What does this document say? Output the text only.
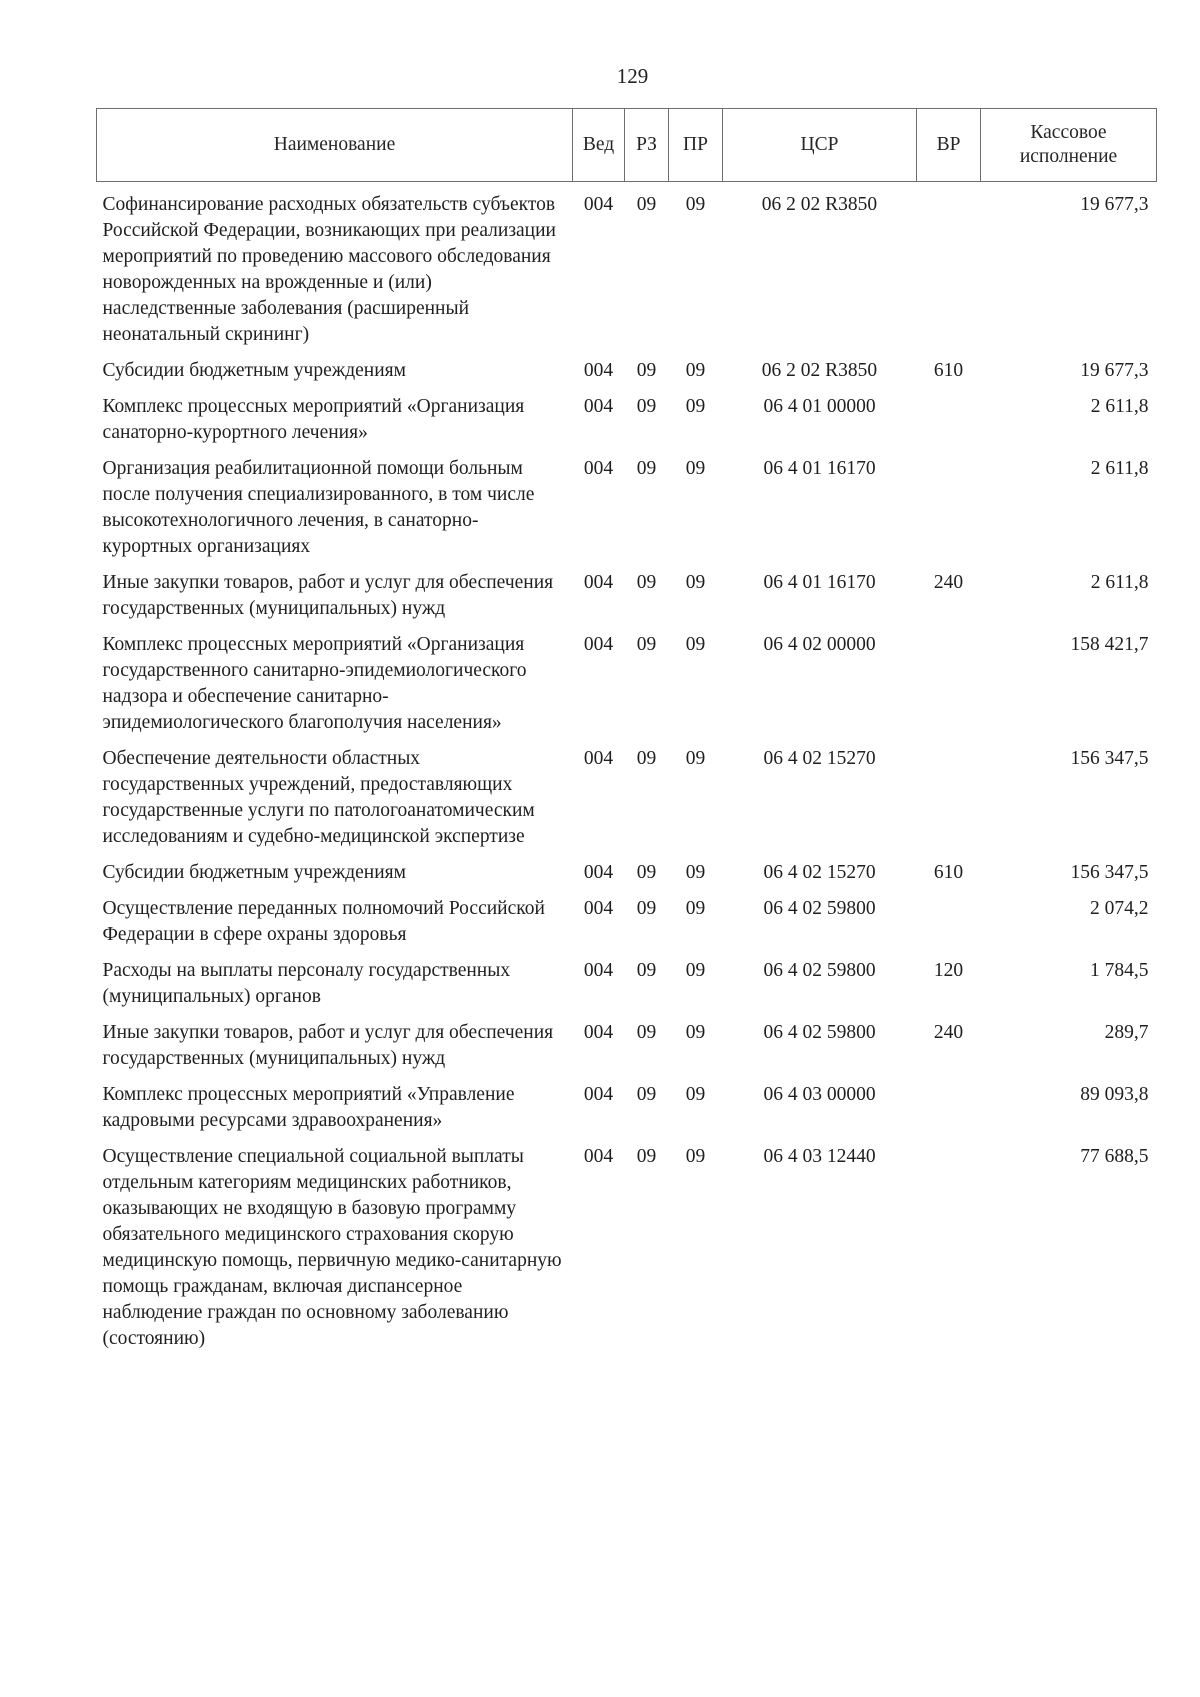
129
Наименование	Вед	РЗ	ПР	ЦСР	ВР	Кассовое исполнение
Софинансирование расходных обязательств субъектов Российской Федерации, возникающих при реализации мероприятий по проведению массового обследования новорожденных на врожденные и (или) наследственные заболевания (расширенный неонатальный скрининг)	004	09	09	06 2 02 R3850		19 677,3
Субсидии бюджетным учреждениям	004	09	09	06 2 02 R3850	610	19 677,3
Комплекс процессных мероприятий «Организация санаторно-курортного лечения»	004	09	09	06 4 01 00000		2 611,8
Организация реабилитационной помощи больным после получения специализированного, в том числе высокотехнологичного лечения, в санаторно-курортных организациях	004	09	09	06 4 01 16170		2 611,8
Иные закупки товаров, работ и услуг для обеспечения государственных (муниципальных) нужд	004	09	09	06 4 01 16170	240	2 611,8
Комплекс процессных мероприятий «Организация государственного санитарно-эпидемиологического надзора и обеспечение санитарно-эпидемиологического благополучия населения»	004	09	09	06 4 02 00000		158 421,7
Обеспечение деятельности областных государственных учреждений, предоставляющих государственные услуги по патологоанатомическим исследованиям и судебно-медицинской экспертизе	004	09	09	06 4 02 15270		156 347,5
Субсидии бюджетным учреждениям	004	09	09	06 4 02 15270	610	156 347,5
Осуществление переданных полномочий Российской Федерации в сфере охраны здоровья	004	09	09	06 4 02 59800		2 074,2
Расходы на выплаты персоналу государственных (муниципальных) органов	004	09	09	06 4 02 59800	120	1 784,5
Иные закупки товаров, работ и услуг для обеспечения государственных (муниципальных) нужд	004	09	09	06 4 02 59800	240	289,7
Комплекс процессных мероприятий «Управление кадровыми ресурсами здравоохранения»	004	09	09	06 4 03 00000		89 093,8
Осуществление специальной социальной выплаты отдельным категориям медицинских работников, оказывающих не входящую в базовую программу обязательного медицинского страхования скорую медицинскую помощь, первичную медико-санитарную помощь гражданам, включая диспансерное наблюдение граждан по основному заболеванию (состоянию)	004	09	09	06 4 03 12440		77 688,5
